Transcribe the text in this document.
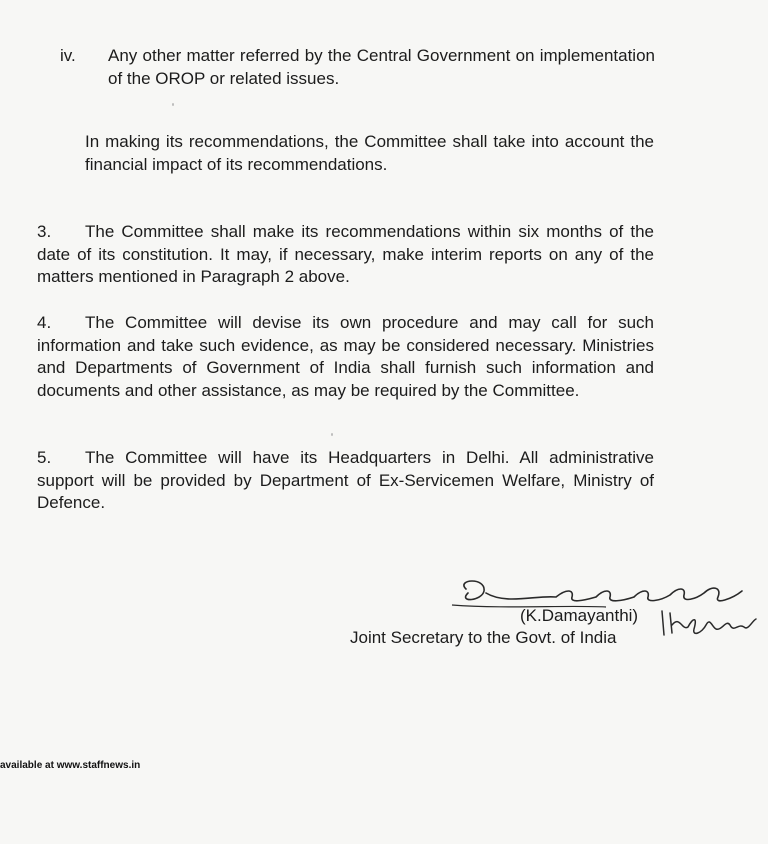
iv. Any other matter referred by the Central Government on implementation of the OROP or related issues.
In making its recommendations, the Committee shall take into account the financial impact of its recommendations.
3. The Committee shall make its recommendations within six months of the date of its constitution. It may, if necessary, make interim reports on any of the matters mentioned in Paragraph 2 above.
4. The Committee will devise its own procedure and may call for such information and take such evidence, as may be considered necessary. Ministries and Departments of Government of India shall furnish such information and documents and other assistance, as may be required by the Committee.
5. The Committee will have its Headquarters in Delhi. All administrative support will be provided by Department of Ex-Servicemen Welfare, Ministry of Defence.
(K.Damayanthi)
Joint Secretary to the Govt. of India
available at www.staffnews.in
